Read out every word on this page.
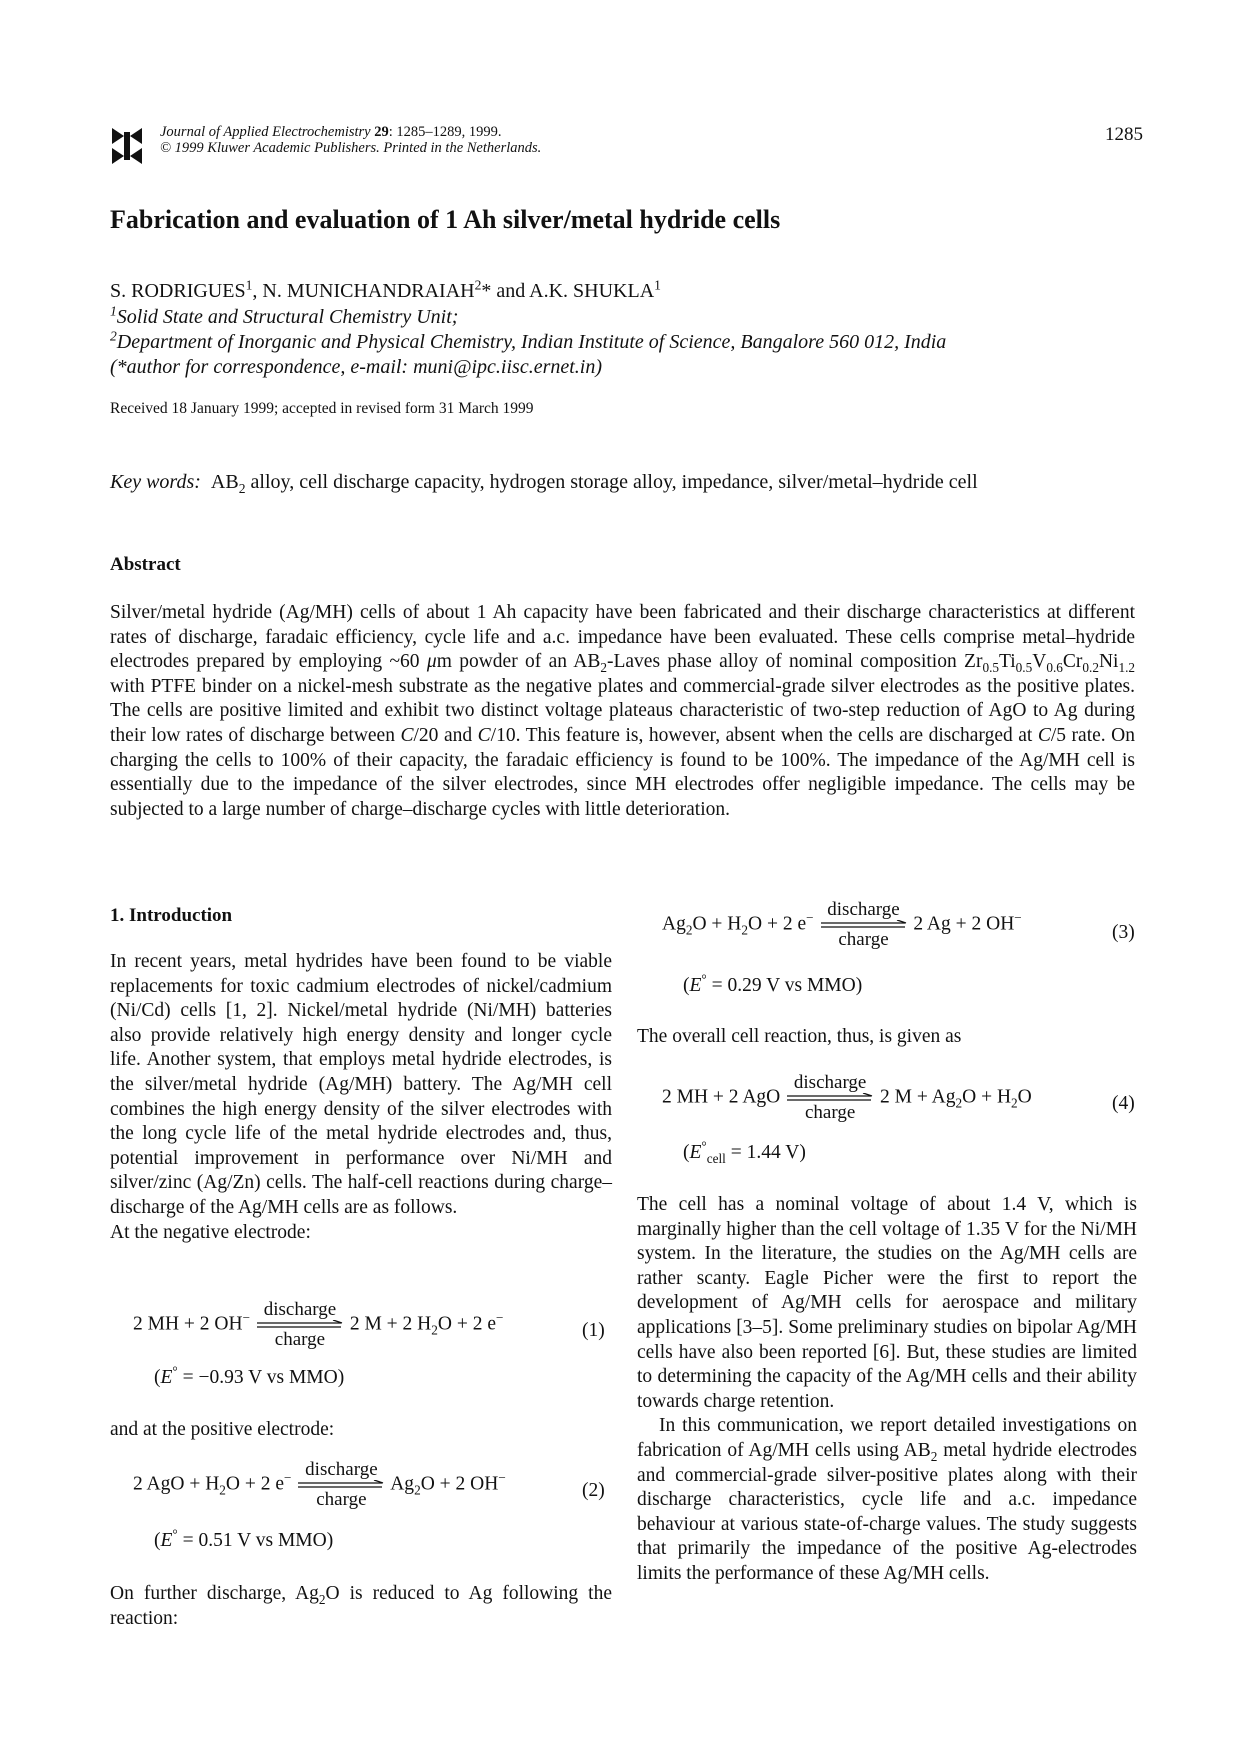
Journal of Applied Electrochemistry 29: 1285–1289, 1999.
© 1999 Kluwer Academic Publishers. Printed in the Netherlands.
1285
Fabrication and evaluation of 1 Ah silver/metal hydride cells
S. RODRIGUES$^1$, N. MUNICHANDRAIAH$^2$* and A.K. SHUKLA$^1$
$^1$Solid State and Structural Chemistry Unit;
$^2$Department of Inorganic and Physical Chemistry, Indian Institute of Science, Bangalore 560 012, India
(*author for correspondence, e-mail: muni@ipc.iisc.ernet.in)
Received 18 January 1999; accepted in revised form 31 March 1999
Key words: $AB_2$ alloy, cell discharge capacity, hydrogen storage alloy, impedance, silver/metal–hydride cell
Abstract

Silver/metal hydride (Ag/MH) cells of about 1 Ah capacity have been fabricated and their discharge characteristics at different rates of discharge, faradaic efficiency, cycle life and a.c. impedance have been evaluated. These cells comprise metal–hydride electrodes prepared by employing ~60 μm powder of an $AB_2$-Laves phase alloy of nominal composition $Zr_{0.5}Ti_{0.5}V_{0.6}Cr_{0.2}Ni_{1.2}$ with PTFE binder on a nickel-mesh substrate as the negative plates and commercial-grade silver electrodes as the positive plates. The cells are positive limited and exhibit two distinct voltage plateaus characteristic of two-step reduction of AgO to Ag during their low rates of discharge between C/20 and C/10. This feature is, however, absent when the cells are discharged at C/5 rate. On charging the cells to 100% of their capacity, the faradaic efficiency is found to be 100%. The impedance of the Ag/MH cell is essentially due to the impedance of the silver electrodes, since MH electrodes offer negligible impedance. The cells may be subjected to a large number of charge–discharge cycles with little deterioration.

1. Introduction

In recent years, metal hydrides have been found to be viable replacements for toxic cadmium electrodes of nickel/cadmium (Ni/Cd) cells [1, 2]. Nickel/metal hydride (Ni/MH) batteries also provide relatively high energy density and longer cycle life. Another system, that employs metal hydride electrodes, is the silver/metal hydride (Ag/MH) battery. The Ag/MH cell combines the high energy density of the silver electrodes with the long cycle life of the metal hydride electrodes and, thus, potential improvement in performance over Ni/MH and silver/zinc (Ag/Zn) cells. The half-cell reactions during charge–discharge of the Ag/MH cells are as follows.

At the negative electrode:

2 MH + 2 OH− discharge
charge
2 M + 2 $H_2O + 2$ e−
(1)
(E° = −0.93 V vs MMO)

and at the positive electrode:

2 AgO + $H_2O + 2$ e− discharge
charge
$Ag_2O + 2$ OH−
(2)
(E° = 0.51 V vs MMO)

On further discharge, $Ag_2O$ is reduced to Ag following the reaction:

$Ag_2O + H_2O + 2$ e− discharge
charge
2 Ag + 2 OH−
(3)
(E° = 0.29 V vs MMO)

The overall cell reaction, thus, is given as

2 MH + 2 AgO
discharge
charge
2 $M + Ag_2O + H_2O$	(4)
($E^\circ_{cell} = 1.44$ V)

The cell has a nominal voltage of about 1.4 V, which is marginally higher than the cell voltage of 1.35 V for the Ni/MH system. In the literature, the studies on the Ag/MH cells are rather scanty. Eagle Picher were the first to report the development of Ag/MH cells for aerospace and military applications [3–5]. Some preliminary studies on bipolar Ag/MH cells have also been reported [6]. But, these studies are limited to determining the capacity of the Ag/MH cells and their ability towards charge retention.

In this communication, we report detailed investigations on fabrication of Ag/MH cells using $AB_2$ metal hydride electrodes and commercial-grade silver-positive plates along with their discharge characteristics, cycle life and a.c. impedance behaviour at various state-of-charge values. The study suggests that primarily the impedance of the positive Ag-electrodes limits the performance of these Ag/MH cells.
